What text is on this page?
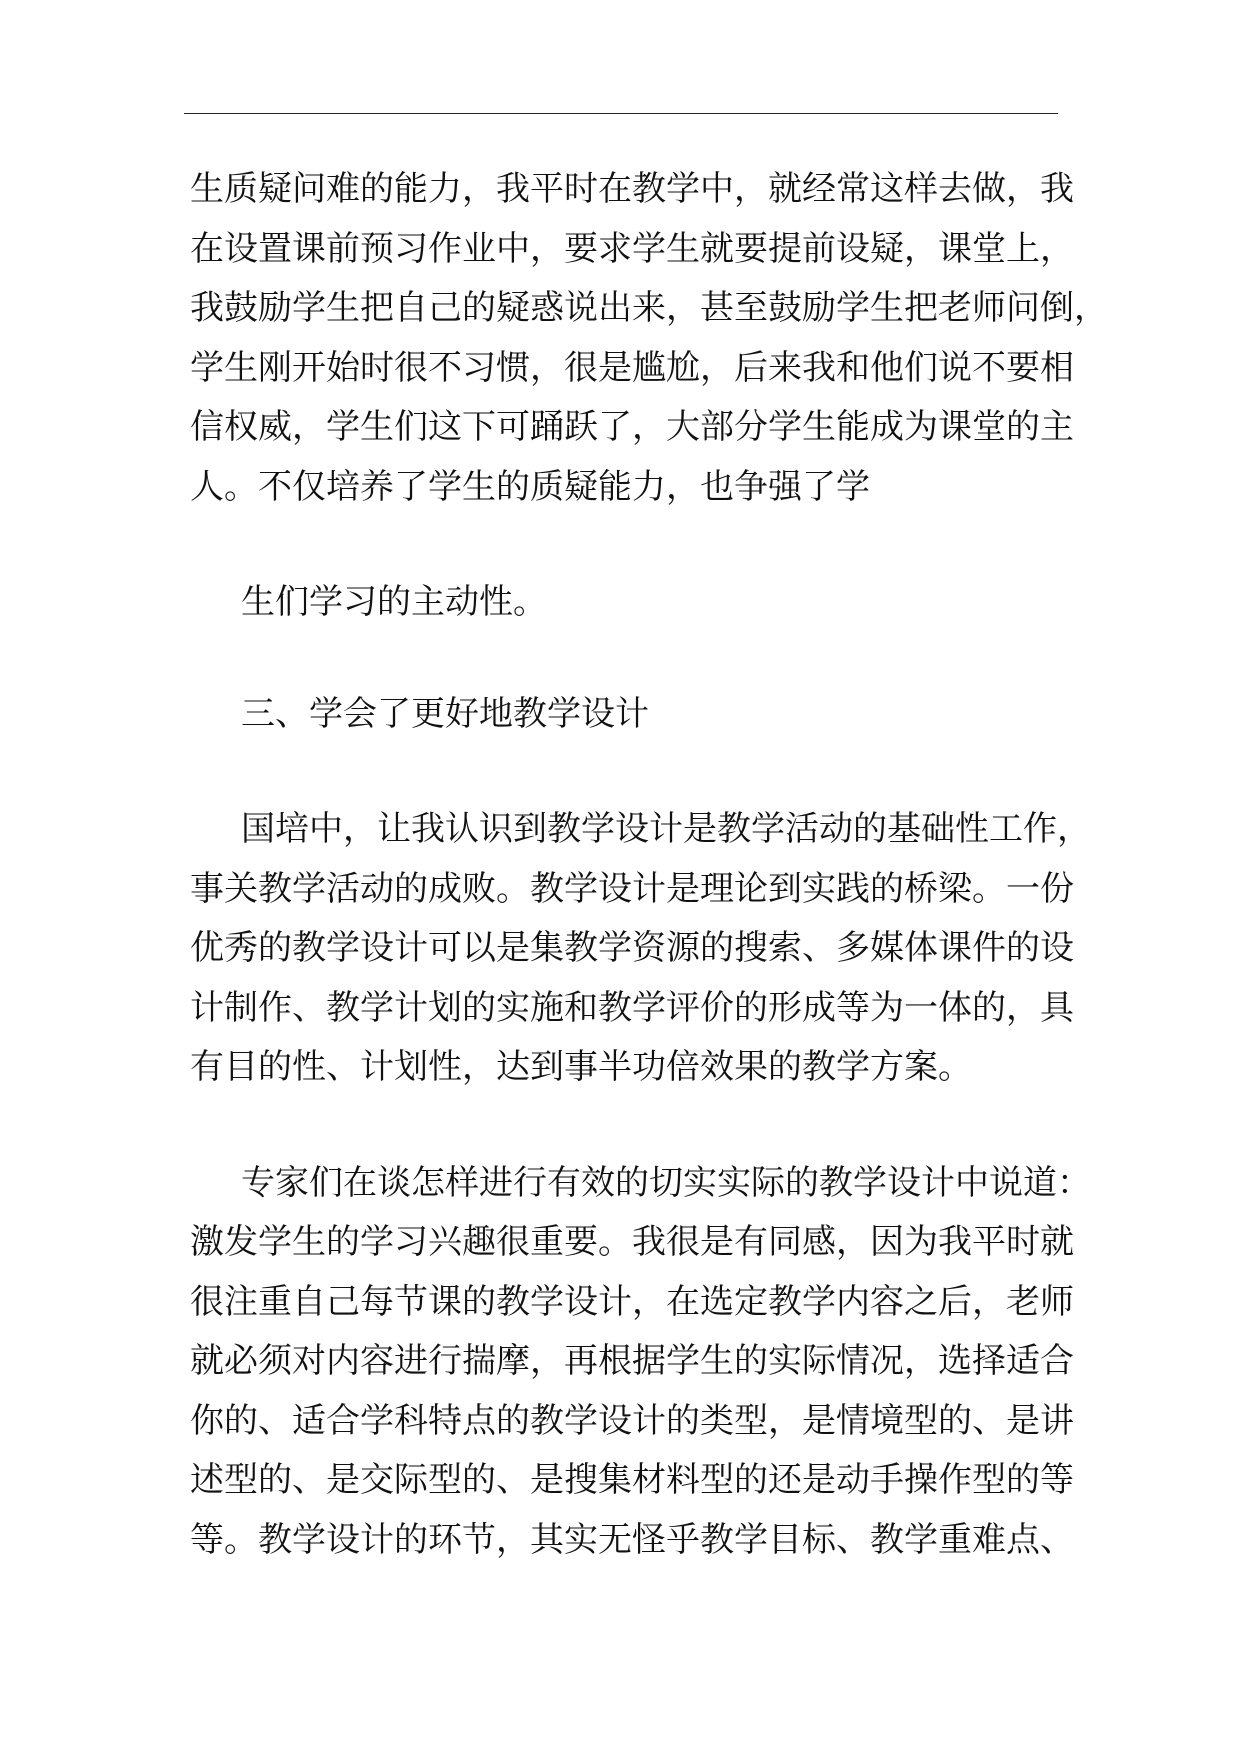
生质疑问难的能力，我平时在教学中，就经常这样去做，我
在设置课前预习作业中，要求学生就要提前设疑，课堂上，
我鼓励学生把自己的疑惑说出来，甚至鼓励学生把老师问倒，
学生刚开始时很不习惯，很是尴尬，后来我和他们说不要相
信权威，学生们这下可踊跃了，大部分学生能成为课堂的主
人。不仅培养了学生的质疑能力，也争强了学
生们学习的主动性。
三、学会了更好地教学设计
国培中，让我认识到教学设计是教学活动的基础性工作，
事关教学活动的成败。教学设计是理论到实践的桥梁。一份
优秀的教学设计可以是集教学资源的搜索、多媒体课件的设
计制作、教学计划的实施和教学评价的形成等为一体的，具
有目的性、计划性，达到事半功倍效果的教学方案。
专家们在谈怎样进行有效的切实实际的教学设计中说道：
激发学生的学习兴趣很重要。我很是有同感，因为我平时就
很注重自己每节课的教学设计，在选定教学内容之后，老师
就必须对内容进行揣摩，再根据学生的实际情况，选择适合
你的、适合学科特点的教学设计的类型，是情境型的、是讲
述型的、是交际型的、是搜集材料型的还是动手操作型的等
等。教学设计的环节，其实无怪乎教学目标、教学重难点、
